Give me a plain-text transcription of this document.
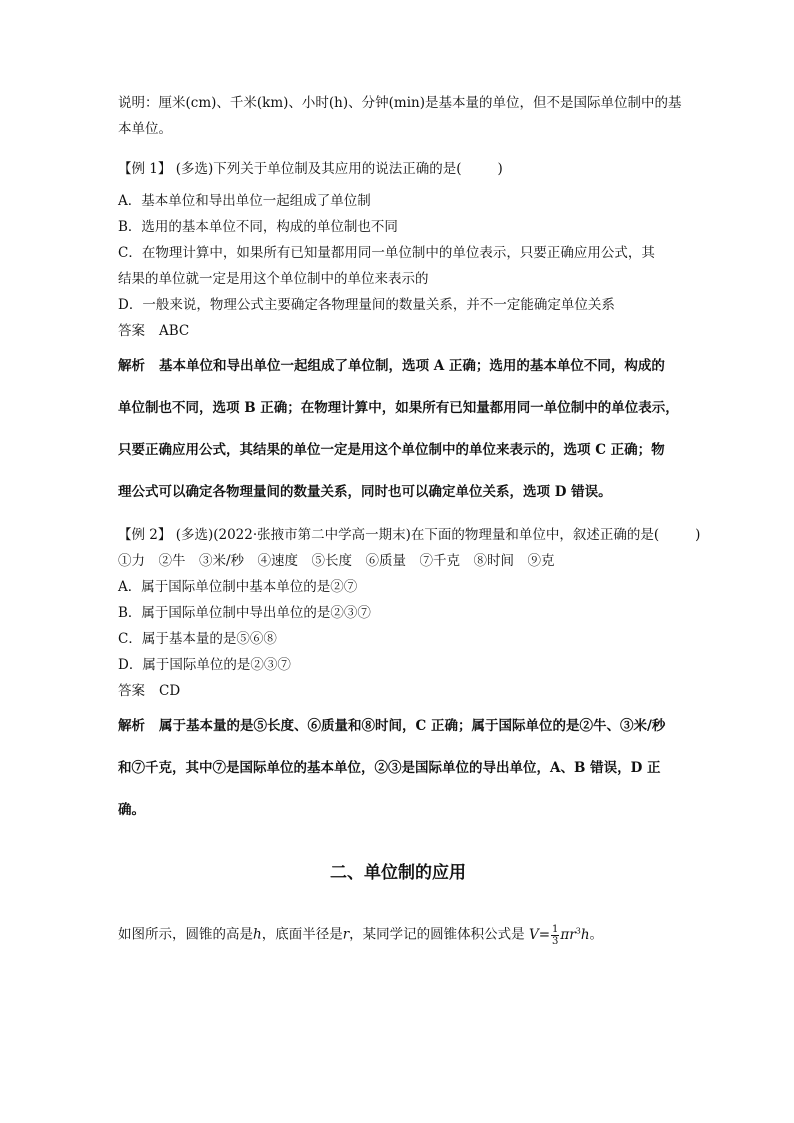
说明：厘米(cm)、千米(km)、小时(h)、分钟(min)是基本量的单位，但不是国际单位制中的基

本单位。

【例 1】 (多选)下列关于单位制及其应用的说法正确的是(	)

A．基本单位和导出单位一起组成了单位制

B．选用的基本单位不同，构成的单位制也不同

C．在物理计算中，如果所有已知量都用同一单位制中的单位表示，只要正确应用公式，其

结果的单位就一定是用这个单位制中的单位来表示的

D．一般来说，物理公式主要确定各物理量间的数量关系，并不一定能确定单位关系

答案 ABC

解析 基本单位和导出单位一起组成了单位制，选项 A 正确；选用的基本单位不同，构成的
单位制也不同，选项 B 正确；在物理计算中，如果所有已知量都用同一单位制中的单位表示，
只要正确应用公式，其结果的单位一定是用这个单位制中的单位来表示的，选项 C 正确；物
理公式可以确定各物理量间的数量关系，同时也可以确定单位关系，选项 D 错误。

【例 2】 (多选)(2022·张掖市第二中学高一期末)在下面的物理量和单位中，叙述正确的是(	)

①力　②牛　③米/秒　④速度　⑤长度　⑥质量　⑦千克　⑧时间　⑨克

A．属于国际单位制中基本单位的是②⑦

B．属于国际单位制中导出单位的是②③⑦

C．属于基本量的是⑤⑥⑧

D．属于国际单位的是②③⑦

答案 CD

解析 属于基本量的是⑤长度、⑥质量和⑧时间，C 正确；属于国际单位的是②牛、③米/秒
和⑦千克，其中⑦是国际单位的基本单位，②③是国际单位的导出单位，A、B 错误，D 正
确。
二、单位制的应用

如图所示，圆锥的高是h，底面半径是r，某同学记的圆锥体积公式是 $V= \frac{1}{3} \pi r^3h$。
